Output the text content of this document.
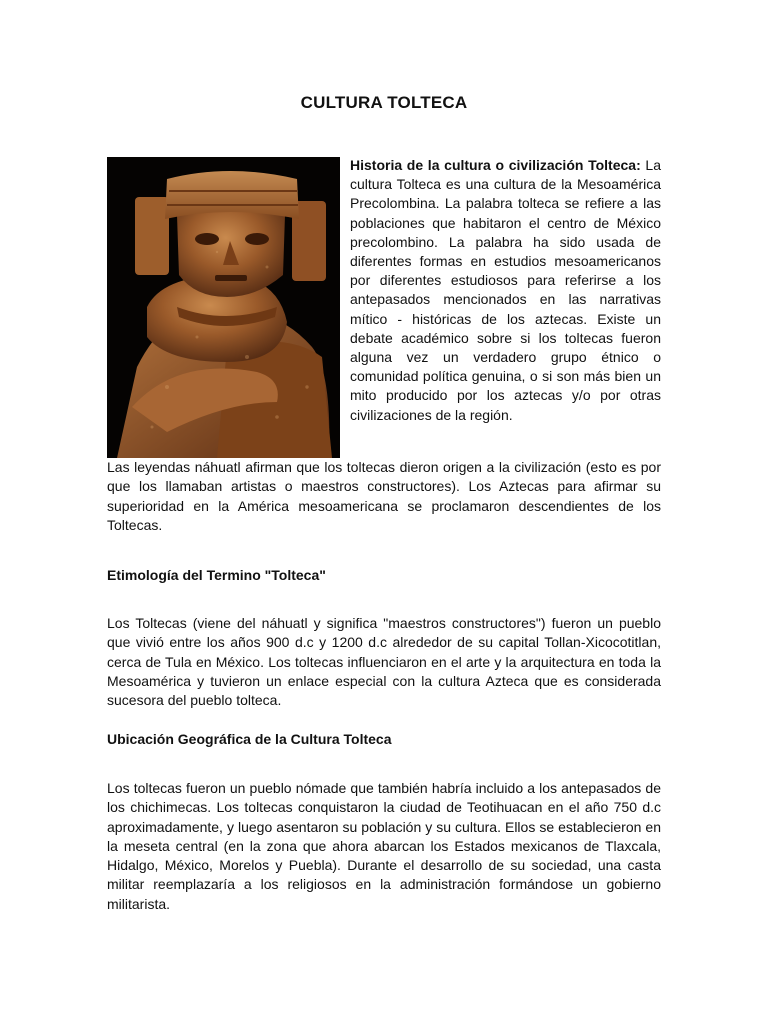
CULTURA TOLTECA
Historia de la cultura o civilización Tolteca: La cultura Tolteca es una cultura de la Mesoamérica Precolombina. La palabra tolteca se refiere a las poblaciones que habitaron el centro de México precolombino. La palabra ha sido usada de diferentes formas en estudios mesoamericanos por diferentes estudiosos para referirse a los antepasados mencionados en las narrativas mítico - históricas de los aztecas. Existe un debate académico sobre si los toltecas fueron alguna vez un verdadero grupo étnico o comunidad política genuina, o si son más bien un mito producido por los aztecas y/o por otras civilizaciones de la región.
Las leyendas náhuatl afirman que los toltecas dieron origen a la civilización (esto es por que los llamaban artistas o maestros constructores). Los Aztecas para afirmar su superioridad en la América mesoamericana se proclamaron descendientes de los Toltecas.
Etimología del Termino "Tolteca"
Los Toltecas (viene del náhuatl y significa "maestros constructores") fueron un pueblo que vivió entre los años 900 d.c y 1200 d.c alrededor de su capital Tollan-Xicocotitlan, cerca de Tula en México. Los toltecas influenciaron en el arte y la arquitectura en toda la Mesoamérica y tuvieron un enlace especial con la cultura Azteca que es considerada sucesora del pueblo tolteca.
Ubicación Geográfica de la Cultura Tolteca
Los toltecas fueron un pueblo nómade que también habría incluido a los antepasados de los chichimecas. Los toltecas conquistaron la ciudad de Teotihuacan en el año 750 d.c aproximadamente, y luego asentaron su población y su cultura. Ellos se establecieron en la meseta central (en la zona que ahora abarcan los Estados mexicanos de Tlaxcala, Hidalgo, México, Morelos y Puebla). Durante el desarrollo de su sociedad, una casta militar reemplazaría a los religiosos en la administración formándose un gobierno militarista.
